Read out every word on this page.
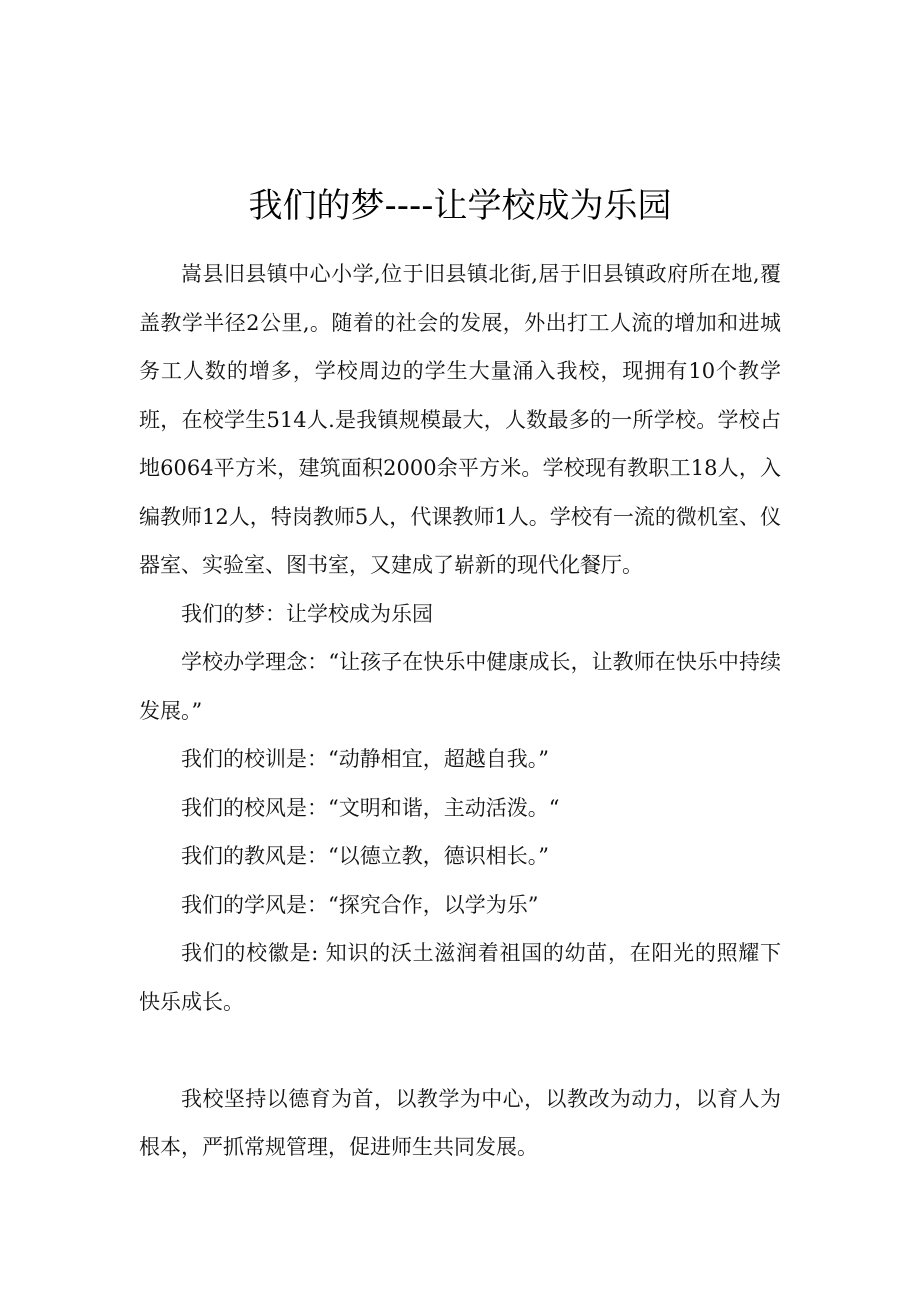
我们的梦----让学校成为乐园

嵩县旧县镇中心小学,位于旧县镇北街,居于旧县镇政府所在地,覆盖教学半径2公里,。随着的社会的发展，外出打工人流的增加和进城务工人数的增多，学校周边的学生大量涌入我校，现拥有10个教学班，在校学生514人.是我镇规模最大，人数最多的一所学校。学校占地6064平方米，建筑面积2000余平方米。学校现有教职工18人，入编教师12人，特岗教师5人，代课教师1人。学校有一流的微机室、仪器室、实验室、图书室，又建成了崭新的现代化餐厅。

我们的梦：让学校成为乐园

学校办学理念：“让孩子在快乐中健康成长，让教师在快乐中持续发展。”

我们的校训是：“动静相宜，超越自我。”

我们的校风是：“文明和谐，主动活泼。“

我们的教风是：“以德立教，德识相长。”

我们的学风是：“探究合作，以学为乐”

我们的校徽是: 知识的沃土滋润着祖国的幼苗，在阳光的照耀下快乐成长。

我校坚持以德育为首，以教学为中心，以教改为动力，以育人为根本，严抓常规管理，促进师生共同发展。
